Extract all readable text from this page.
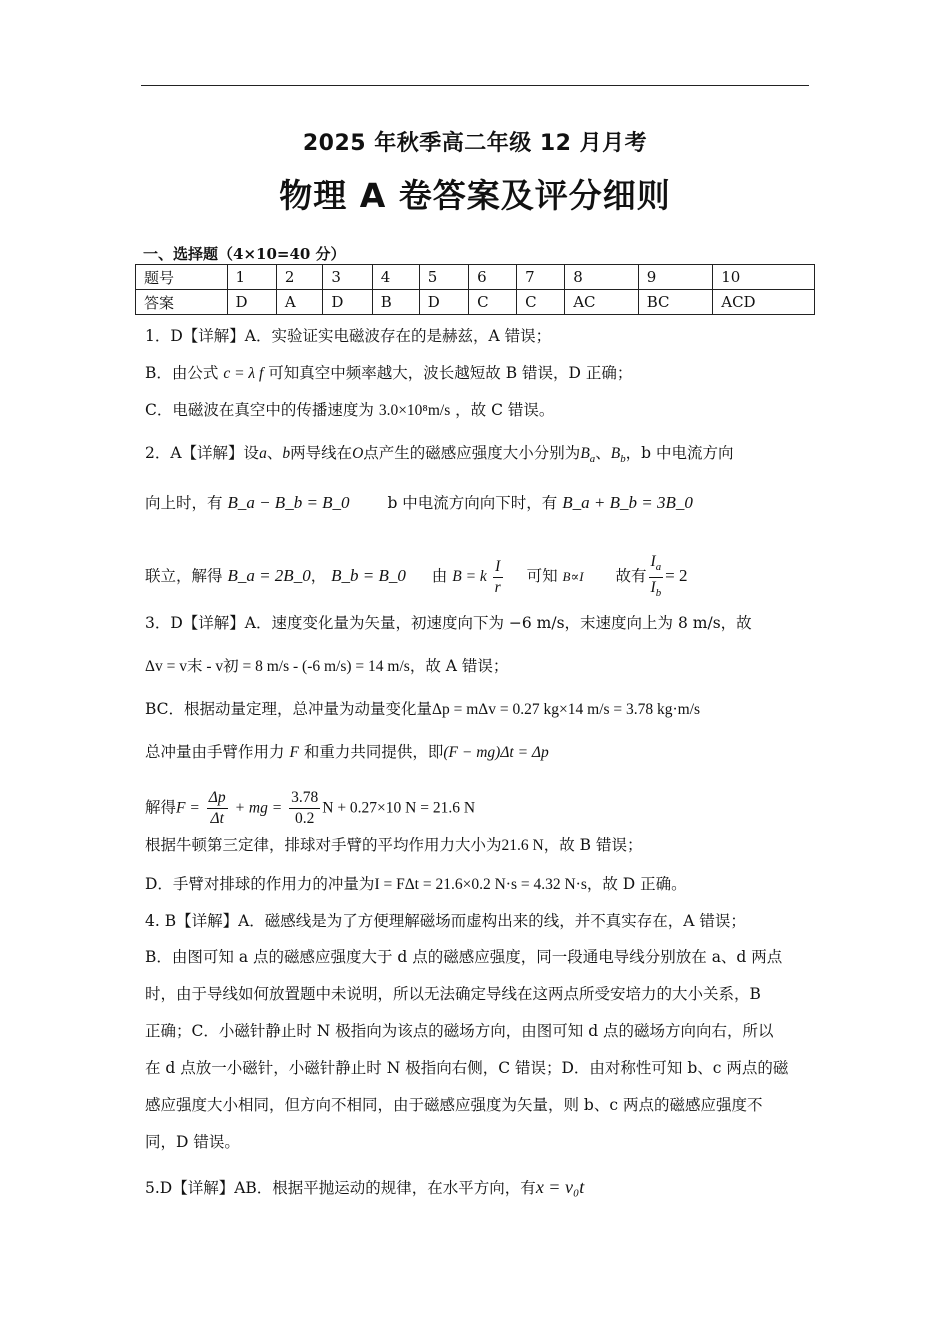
2025 年秋季高二年级 12 月月考
物理 A 卷答案及评分细则
一、选择题（4×10=40 分）
题号	1	2	3	4	5	6	7	8	9	10
答案	D	A	D	B	D	C	C	AC	BC	ACD
1．D【详解】A．实验证实电磁波存在的是赫兹，A 错误；
B．由公式 c = λ f 可知真空中频率越大，波长越短故 B 错误，D 正确；
C．电磁波在真空中的传播速度为 3.0×10⁸m/s ，故 C 错误。
2．A【详解】设a、b两导线在O点产生的磁感应强度大小分别为$B_a$、$B_b$，b 中电流方向
向上时，有 B_a − B_b = B_0 b 中电流方向向下时，有 B_a + B_b = 3B_0
联立，解得 B_a = 2B_0， B_b = B_0 由 B = k $\frac{I}{r}$ 可知 B∝I 故有 $\frac{I_a}{I_b} = 2$
3．D【详解】A．速度变化量为矢量，初速度向下为 −6 m/s，末速度向上为 8 m/s，故
Δv = v末 - v初 = 8 m/s - (-6 m/s) = 14 m/s，故 A 错误；
BC．根据动量定理，总冲量为动量变化量Δp = mΔv = 0.27 kg×14 m/s = 3.78 kg·m/s
总冲量由手臂作用力 F 和重力共同提供，即(F − mg)Δt = Δp
解得$F = \frac{\Delta p}{\Delta t}$ + mg = $\frac{3.78}{0.2}$ N + 0.27×10 N = 21.6 N
根据牛顿第三定律，排球对手臂的平均作用力大小为21.6 N，故 B 错误；
D．手臂对排球的作用力的冲量为I = FΔt = 21.6×0.2 N·s = 4.32 N·s，故 D 正确。
4. B【详解】A．磁感线是为了方便理解磁场而虚构出来的线，并不真实存在，A 错误；
B．由图可知 a 点的磁感应强度大于 d 点的磁感应强度，同一段通电导线分别放在 a、d 两点
时，由于导线如何放置题中未说明，所以无法确定导线在这两点所受安培力的大小关系，B
正确；C．小磁针静止时 N 极指向为该点的磁场方向，由图可知 d 点的磁场方向向右，所以
在 d 点放一小磁针，小磁针静止时 N 极指向右侧，C 错误；D．由对称性可知 b、c 两点的磁
感应强度大小相同，但方向不相同，由于磁感应强度为矢量，则 b、c 两点的磁感应强度不
同，D 错误。
5.D【详解】AB．根据平抛运动的规律，在水平方向，有x = v₀t
